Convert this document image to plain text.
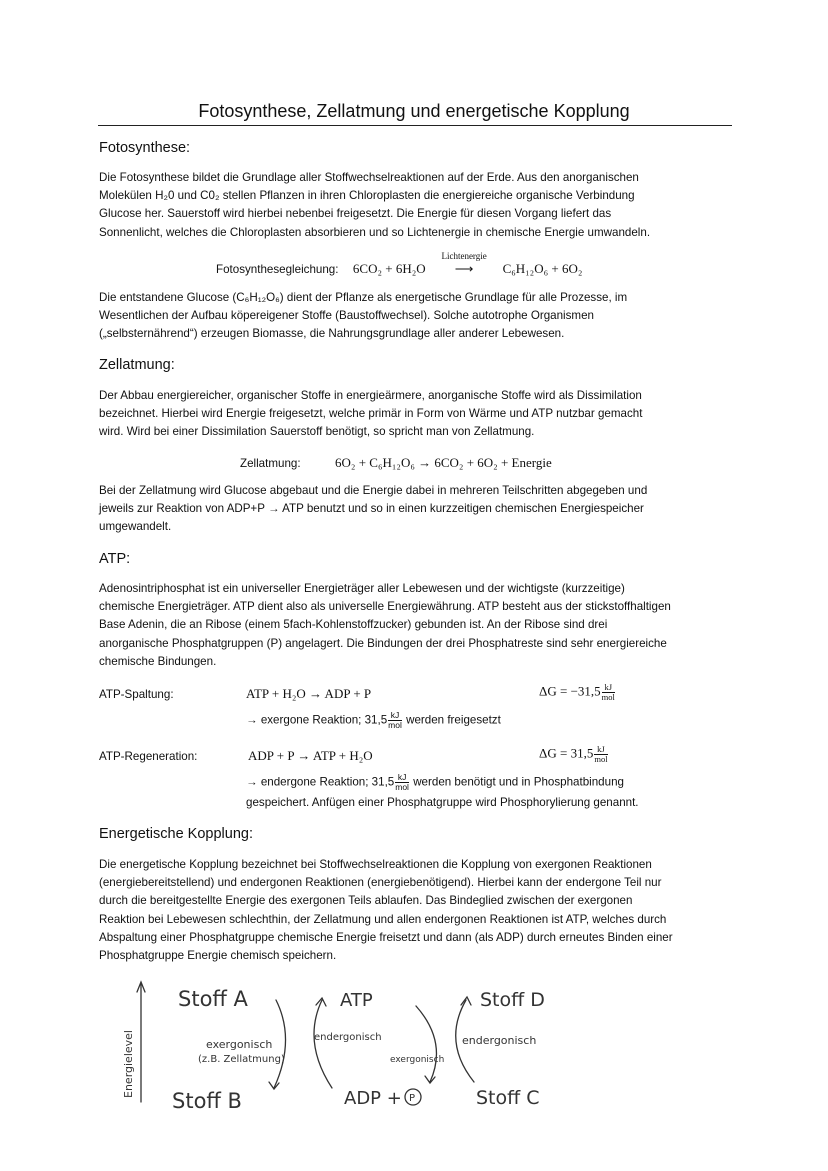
Fotosynthese, Zellatmung und energetische Kopplung
Fotosynthese:
Die Fotosynthese bildet die Grundlage aller Stoffwechselreaktionen auf der Erde. Aus den anorganischen
Molekülen H₂0 und C0₂ stellen Pflanzen in ihren Chloroplasten die energiereiche organische Verbindung
Glucose her. Sauerstoff wird hierbei nebenbei freigesetzt. Die Energie für diesen Vorgang liefert das
Sonnenlicht, welches die Chloroplasten absorbieren und so Lichtenergie in chemische Energie umwandeln.
Fotosynthesegleichung: 6CO₂ + 6H₂O
Lichtenergie
⟶ C₆H₁₂O₆ + 6O₂
Die entstandene Glucose (C₆H₁₂O₆) dient der Pflanze als energetische Grundlage für alle Prozesse, im
Wesentlichen der Aufbau köpereigener Stoffe (Baustoffwechsel). Solche autotrophe Organismen
(„selbsternährend“) erzeugen Biomasse, die Nahrungsgrundlage aller anderer Lebewesen.
Zellatmung:
Der Abbau energiereicher, organischer Stoffe in energieärmere, anorganische Stoffe wird als Dissimilation
bezeichnet. Hierbei wird Energie freigesetzt, welche primär in Form von Wärme und ATP nutzbar gemacht
wird. Wird bei einer Dissimilation Sauerstoff benötigt, so spricht man von Zellatmung.
Zellatmung:	6O₂ + C₆H₁₂O₆ → 6CO₂ + 6O₂ + Energie
Bei der Zellatmung wird Glucose abgebaut und die Energie dabei in mehreren Teilschritten abgegeben und
jeweils zur Reaktion von ADP+P → ATP benutzt und so in einen kurzzeitigen chemischen Energiespeicher
umgewandelt.
ATP:
Adenosintriphosphat ist ein universeller Energieträger aller Lebewesen und der wichtigste (kurzzeitige)
chemische Energieträger. ATP dient also als universelle Energiewährung. ATP besteht aus der stickstoffhaltigen
Base Adenin, die an Ribose (einem 5fach-Kohlenstoffzucker) gebunden ist. An der Ribose sind drei
anorganische Phosphatgruppen (P) angelagert. Die Bindungen der drei Phosphatreste sind sehr energiereiche
chemische Bindungen.
ATP-Spaltung:	ATP + H₂O → ADP + P	$\Delta G = -31,5 \frac{kJ}{\text{mol}}$
→ exergone Reaktion; $31,5 \frac{kJ}{\text{mol}}$ werden freigesetzt
ATP-Regeneration:	ADP + P → ATP + H₂O	$\Delta G = 31,5 \frac{kJ}{\text{mol}}$
→ endergone Reaktion; $31,5 \frac{kJ}{\text{mol}}$ werden benötigt und in Phosphatbindung
gespeichert. Anfügen einer Phosphatgruppe wird Phosphorylierung genannt.
Energetische Kopplung:
Die energetische Kopplung bezeichnet bei Stoffwechselreaktionen die Kopplung von exergonen Reaktionen
(energiebereitstellend) und endergonen Reaktionen (energiebenötigend). Hierbei kann der endergone Teil nur
durch die bereitgestellte Energie des exergonen Teils ablaufen. Das Bindeglied zwischen der exergonen
Reaktion bei Lebewesen schlechthin, der Zellatmung und allen endergonen Reaktionen ist ATP, welches durch
Abspaltung einer Phosphatgruppe chemische Energie freisetzt und dann (als ADP) durch erneutes Binden einer
Phosphatgruppe Energie chemisch speichern.
Energielevel
Stoff A
Stoff B
exergonisch
(z.B. Zellatmung)
ATP
endergonisch
exergonisch
ADP + P
Stoff D
endergonisch
Stoff C
